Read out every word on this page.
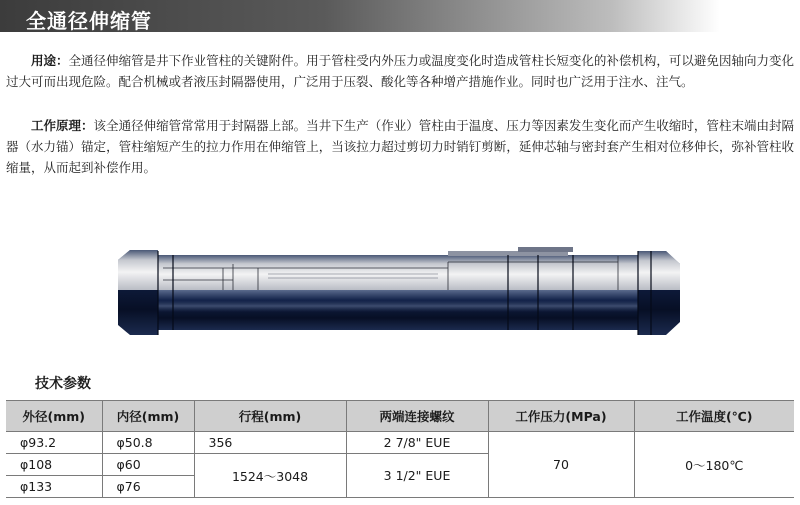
全通径伸缩管

用途：全通径伸缩管是井下作业管柱的关键附件。用于管柱受内外压力或温度变化时造成管柱长短变化的补偿机构，可以避免因轴向力变化过大可而出现危险。配合机械或者液压封隔器使用，广泛用于压裂、酸化等各种增产措施作业。同时也广泛用于注水、注气。

工作原理：该全通径伸缩管常常用于封隔器上部。当井下生产（作业）管柱由于温度、压力等因素发生变化而产生收缩时，管柱末端由封隔器（水力锚）锚定，管柱缩短产生的拉力作用在伸缩管上，当该拉力超过剪切力时销钉剪断，延伸芯轴与密封套产生相对位移伸长，弥补管柱收缩量，从而起到补偿作用。

技术参数
外径(mm)	内径(mm)	行程(mm)	两端连接螺纹	工作压力(MPa)	工作温度(℃)
φ93.2	φ50.8	356	2 7/8" EUE	70	0～180℃
φ108	φ60	1524～3048	3 1/2" EUE		
φ133	φ76				
